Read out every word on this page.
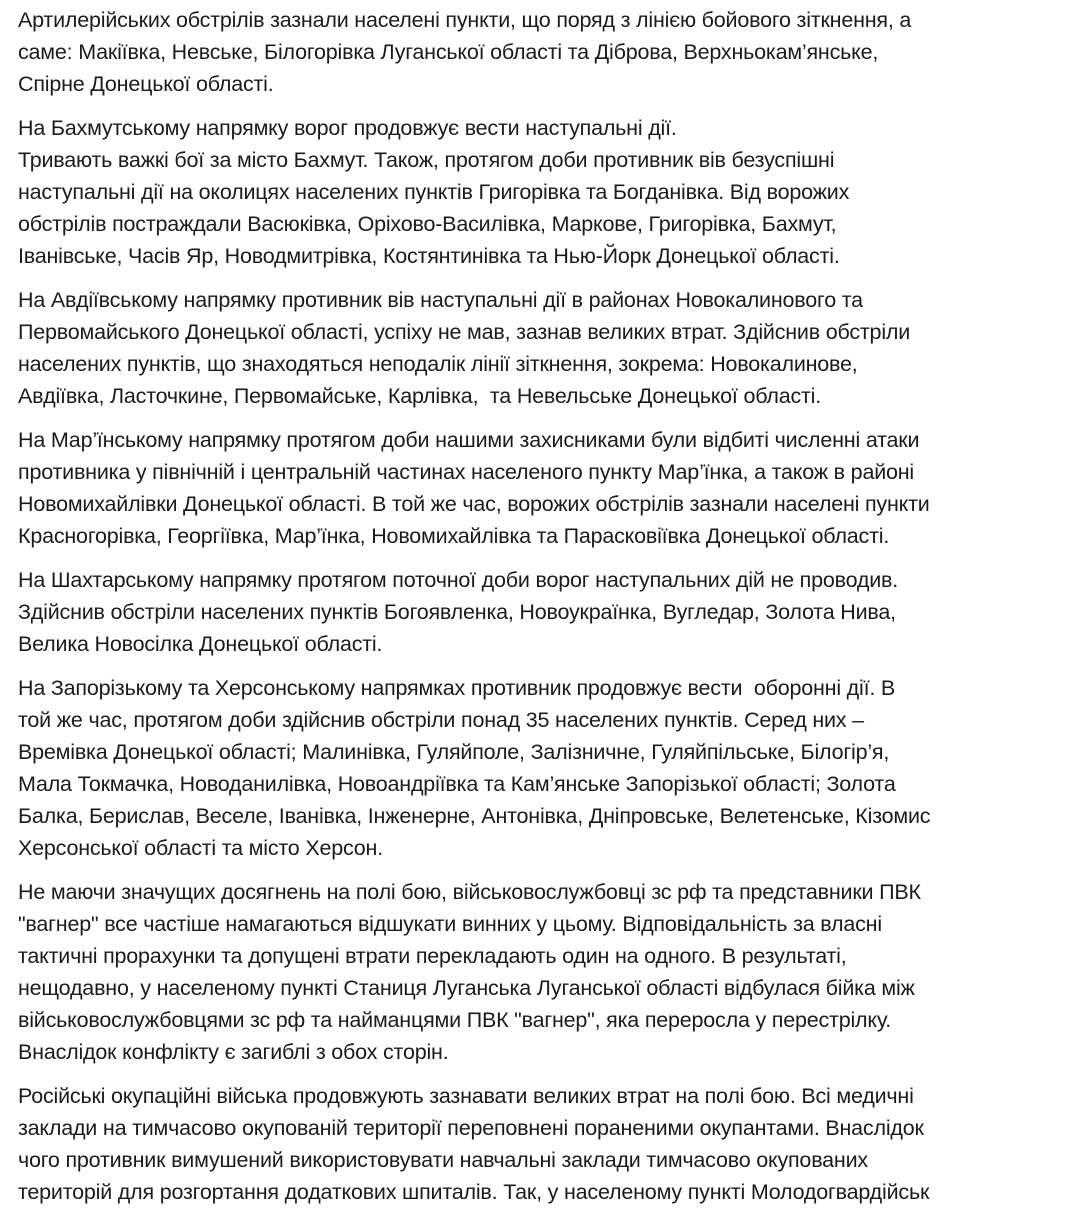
Артилерійських обстрілів зазнали населені пункти, що поряд з лінією бойового зіткнення, а
саме: Макіївка, Невське, Білогорівка Луганської області та Діброва, Верхньокам’янське,
Спірне Донецької області.

На Бахмутському напрямку ворог продовжує вести наступальні дії.
Тривають важкі бої за місто Бахмут. Також, протягом доби противник вів безуспішні
наступальні дії на околицях населених пунктів Григорівка та Богданівка. Від ворожих
обстрілів постраждали Васюківка, Оріхово-Василівка, Маркове, Григорівка, Бахмут,
Іванівське, Часів Яр, Новодмитрівка, Костянтинівка та Нью-Йорк Донецької області.

На Авдіївському напрямку противник вів наступальні дії в районах Новокалинового та
Первомайського Донецької області, успіху не мав, зазнав великих втрат. Здійснив обстріли
населених пунктів, що знаходяться неподалік лінії зіткнення, зокрема: Новокалинове,
Авдіївка, Ласточкине, Первомайське, Карлівка,  та Невельське Донецької області.

На Мар’їнському напрямку протягом доби нашими захисниками були відбиті численні атаки
противника у північній і центральній частинах населеного пункту Мар’їнка, а також в районі
Новомихайлівки Донецької області. В той же час, ворожих обстрілів зазнали населені пункти
Красногорівка, Георгіївка, Мар’їнка, Новомихайлівка та Парасковіївка Донецької області.

На Шахтарському напрямку протягом поточної доби ворог наступальних дій не проводив.
Здійснив обстріли населених пунктів Богоявленка, Новоукраїнка, Вугледар, Золота Нива,
Велика Новосілка Донецької області.

На Запорізькому та Херсонському напрямках противник продовжує вести  оборонні дії. В
той же час, протягом доби здійснив обстріли понад 35 населених пунктів. Серед них –
Времівка Донецької області; Малинівка, Гуляйполе, Залізничне, Гуляйпільське, Білогір’я,
Мала Токмачка, Новоданилівка, Новоандріївка та Кам’янське Запорізької області; Золота
Балка, Берислав, Веселе, Іванівка, Інженерне, Антонівка, Дніпровське, Велетенське, Кізомис
Херсонської області та місто Херсон.

Не маючи значущих досягнень на полі бою, військовослужбовці зс рф та представники ПВК
"вагнер" все частіше намагаються відшукати винних у цьому. Відповідальність за власні
тактичні прорахунки та допущені втрати перекладають один на одного. В результаті,
нещодавно, у населеному пункті Станиця Луганська Луганської області відбулася бійка між
військовослужбовцями зс рф та найманцями ПВК "вагнер", яка переросла у перестрілку.
Внаслідок конфлікту є загиблі з обох сторін.

Російські окупаційні війська продовжують зазнавати великих втрат на полі бою. Всі медичні
заклади на тимчасово окупованій території переповнені пораненими окупантами. Внаслідок
чого противник вимушений використовувати навчальні заклади тимчасово окупованих
територій для розгортання додаткових шпиталів. Так, у населеному пункті Молодогвардійськ
